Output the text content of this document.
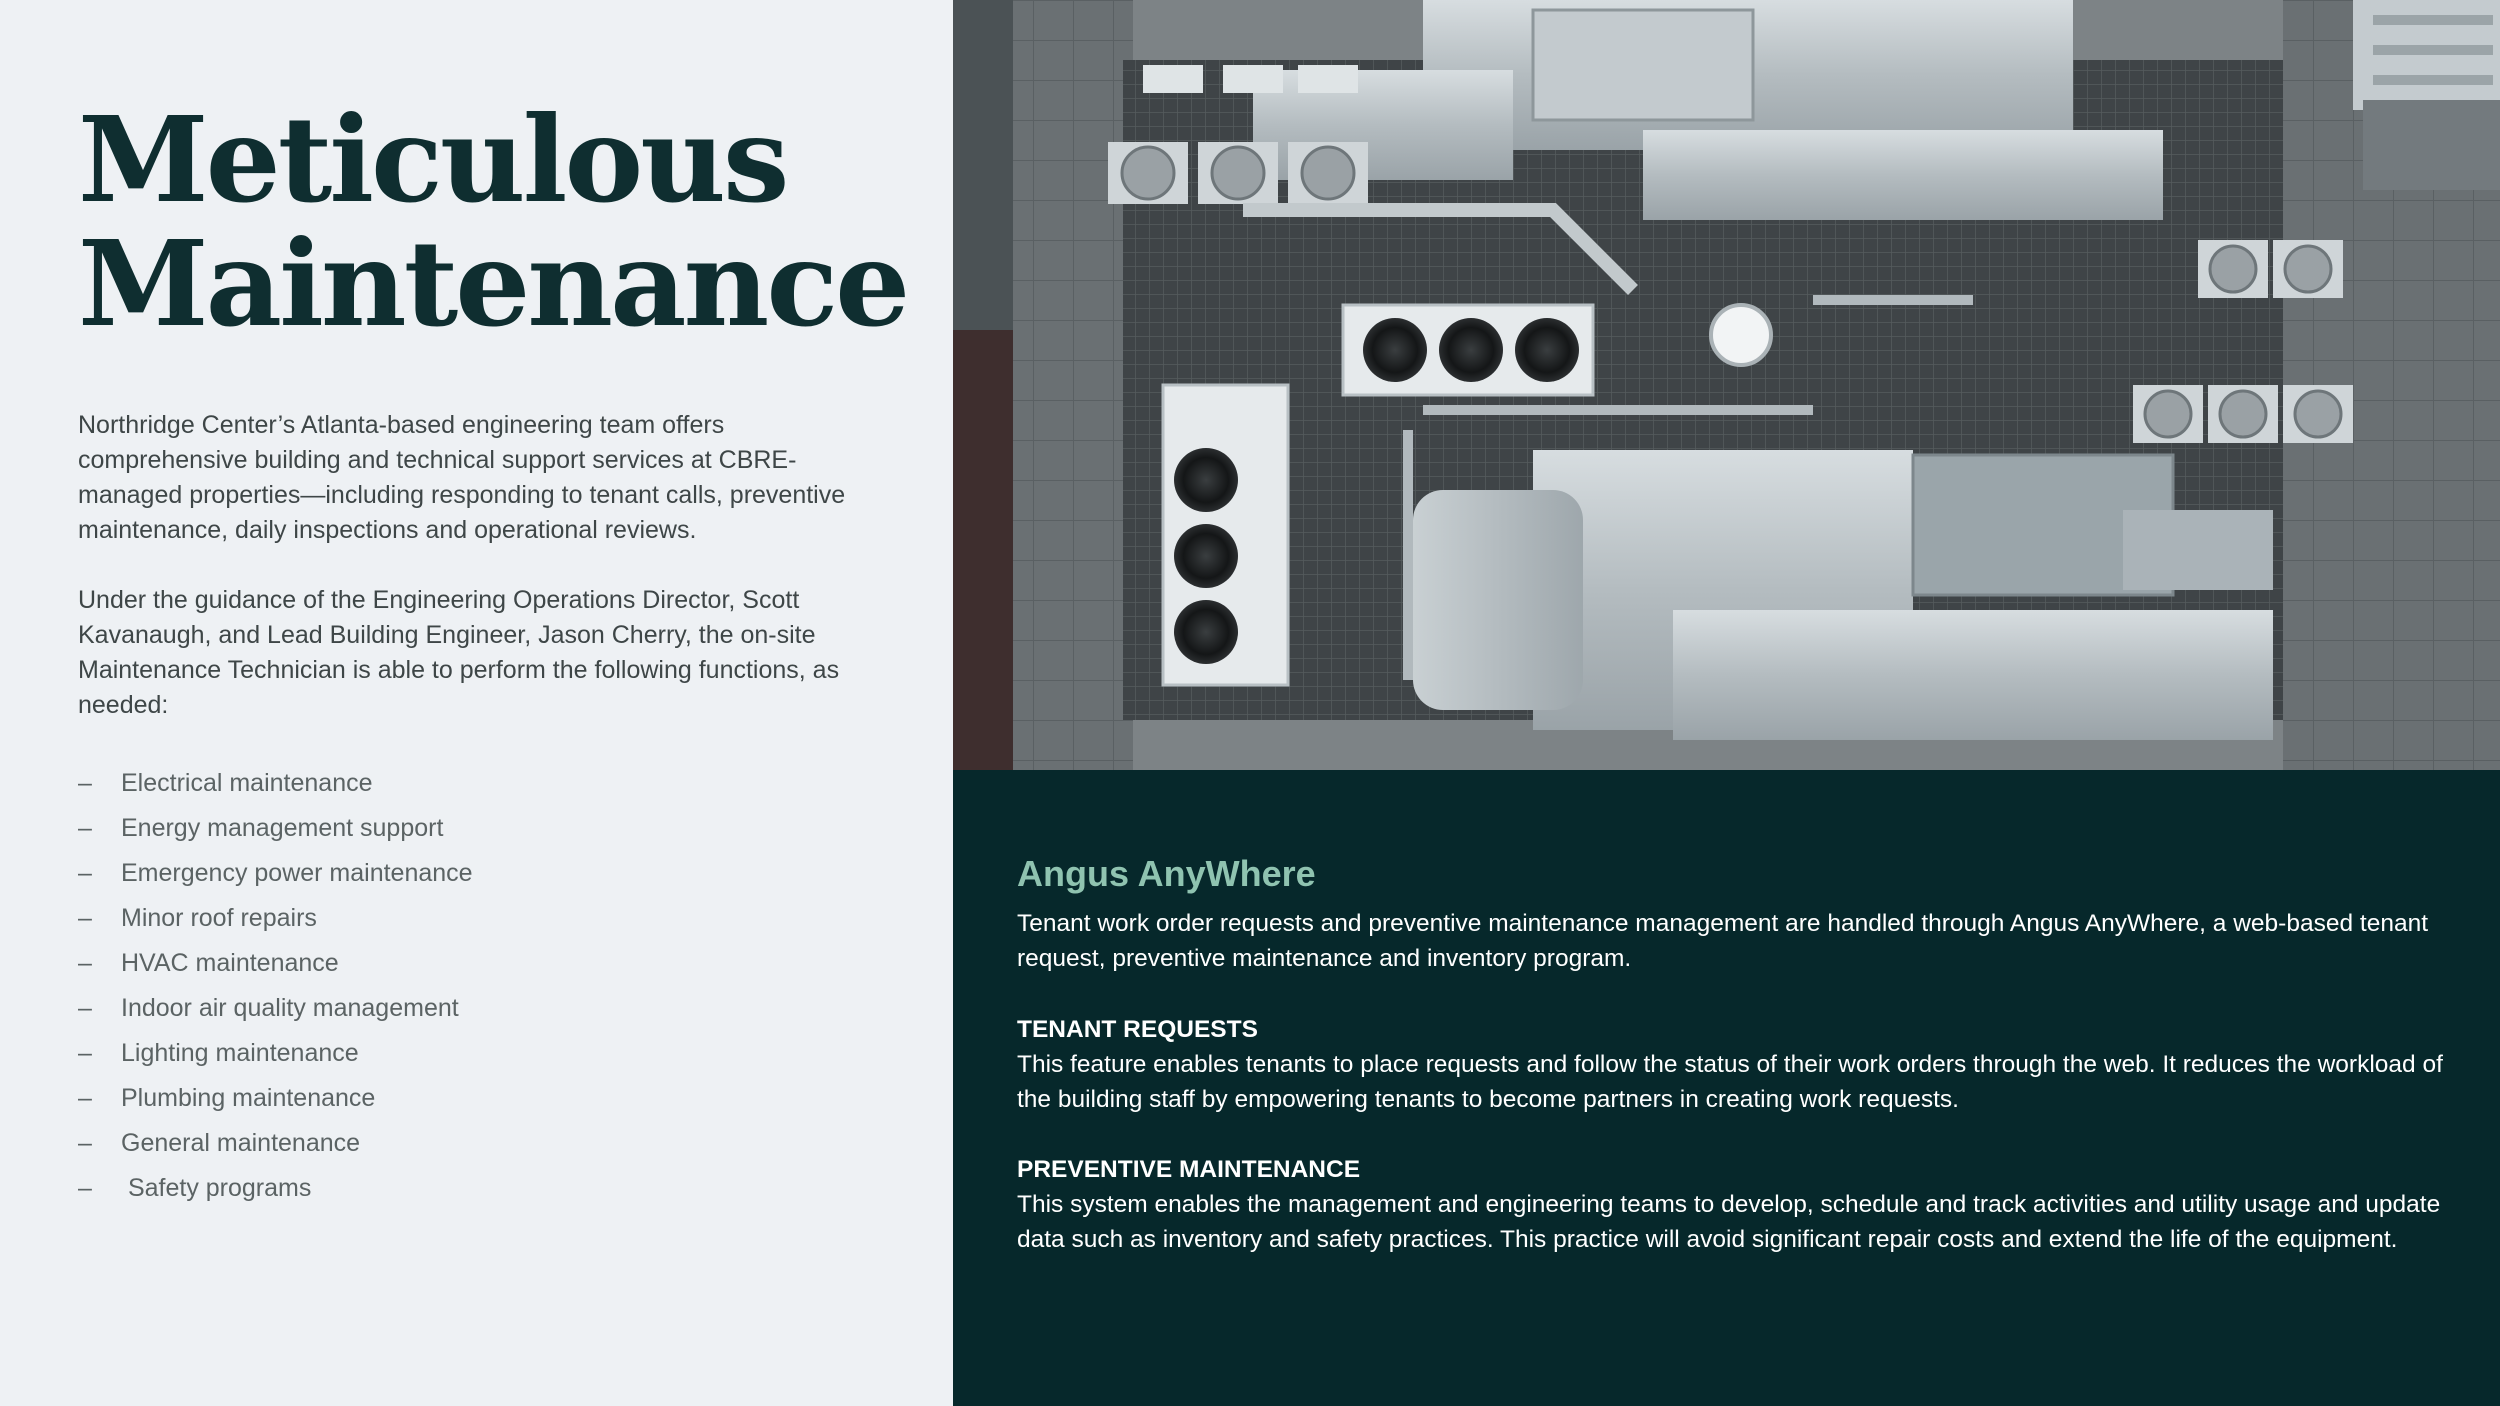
Meticulous
Maintenance

Northridge Center’s Atlanta-based engineering team offers comprehensive building and technical support services at CBRE-managed properties—including responding to tenant calls, preventive maintenance, daily inspections and operational reviews.

Under the guidance of the Engineering Operations Director, Scott Kavanaugh, and Lead Building Engineer, Jason Cherry, the on-site Maintenance Technician is able to perform the following functions, as needed:

– Electrical maintenance
– Energy management support
– Emergency power maintenance
– Minor roof repairs
– HVAC maintenance
– Indoor air quality management
– Lighting maintenance
– Plumbing maintenance
– General maintenance
– Safety programs
Angus AnyWhere

Tenant work order requests and preventive maintenance management are handled through Angus AnyWhere, a web-based tenant request, preventive maintenance and inventory program.

TENANT REQUESTS

This feature enables tenants to place requests and follow the status of their work orders through the web. It reduces the workload of the building staff by empowering tenants to become partners in creating work requests.

PREVENTIVE MAINTENANCE

This system enables the management and engineering teams to develop, schedule and track activities and utility usage and update data such as inventory and safety practices. This practice will avoid significant repair costs and extend the life of the equipment.
